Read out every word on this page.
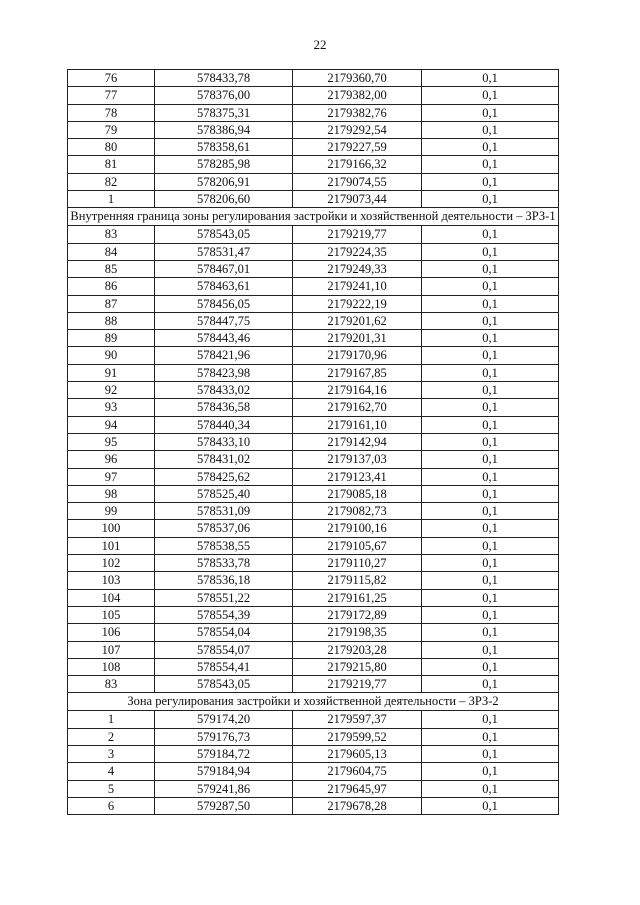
22
76	578433,78	2179360,70	0,1
77	578376,00	2179382,00	0,1
78	578375,31	2179382,76	0,1
79	578386,94	2179292,54	0,1
80	578358,61	2179227,59	0,1
81	578285,98	2179166,32	0,1
82	578206,91	2179074,55	0,1
1	578206,60	2179073,44	0,1
Внутренняя граница зоны регулирования застройки и хозяйственной деятельности – ЗРЗ-1			
83	578543,05	2179219,77	0,1
84	578531,47	2179224,35	0,1
85	578467,01	2179249,33	0,1
86	578463,61	2179241,10	0,1
87	578456,05	2179222,19	0,1
88	578447,75	2179201,62	0,1
89	578443,46	2179201,31	0,1
90	578421,96	2179170,96	0,1
91	578423,98	2179167,85	0,1
92	578433,02	2179164,16	0,1
93	578436,58	2179162,70	0,1
94	578440,34	2179161,10	0,1
95	578433,10	2179142,94	0,1
96	578431,02	2179137,03	0,1
97	578425,62	2179123,41	0,1
98	578525,40	2179085,18	0,1
99	578531,09	2179082,73	0,1
100	578537,06	2179100,16	0,1
101	578538,55	2179105,67	0,1
102	578533,78	2179110,27	0,1
103	578536,18	2179115,82	0,1
104	578551,22	2179161,25	0,1
105	578554,39	2179172,89	0,1
106	578554,04	2179198,35	0,1
107	578554,07	2179203,28	0,1
108	578554,41	2179215,80	0,1
83	578543,05	2179219,77	0,1
Зона регулирования застройки и хозяйственной деятельности – ЗРЗ-2			
1	579174,20	2179597,37	0,1
2	579176,73	2179599,52	0,1
3	579184,72	2179605,13	0,1
4	579184,94	2179604,75	0,1
5	579241,86	2179645,97	0,1
6	579287,50	2179678,28	0,1
